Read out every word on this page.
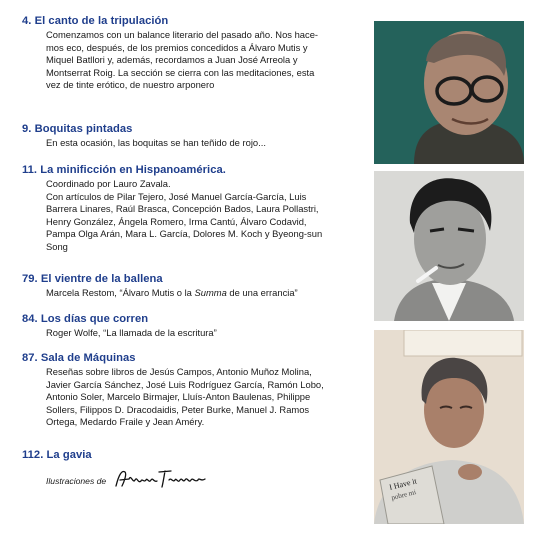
4. El canto de la tripulación
Comenzamos con un balance literario del pasado año. Nos hace-
mos eco, después, de los premios concedidos a Álvaro Mutis y
Miquel Batllori y, además, recordamos a Juan José Arreola y
Montserrat Roig. La sección se cierra con las meditaciones, esta
vez de tinte erótico, de nuestro arponero
9. Boquitas pintadas
En esta ocasión, las boquitas se han teñido de rojo...
11. La minificción en Hispanoamérica.
Coordinado por Lauro Zavala.
Con artículos de Pilar Tejero, José Manuel García-García, Luis
Barrera Linares, Raúl Brasca, Concepción Bados, Laura Pollastri,
Henry González, Ángela Romero, Irma Cantú, Álvaro Codavid,
Pampa Olga Arán, Mara L. García, Dolores M. Koch y Byeong-sun
Song
79. El vientre de la ballena
Marcela Restom, “Álvaro Mutis o la Summa de una errancia”
84. Los días que corren
Roger Wolfe, “La llamada de la escritura”
87. Sala de Máquinas
Reseñas sobre libros de Jesús Campos, Antonio Muñoz Molina,
Javier García Sánchez, José Luis Rodríguez García, Ramón Lobo,
Antonio Soler, Marcelo Birmajer, Lluís-Anton Baulenas, Philippe
Sollers, Filippos D. Dracodaidis, Peter Burke, Manuel J. Ramos
Ortega, Medardo Fraile y Jean Améry.
112. La gavia
Ilustraciones de	I Have it
pobre mi
